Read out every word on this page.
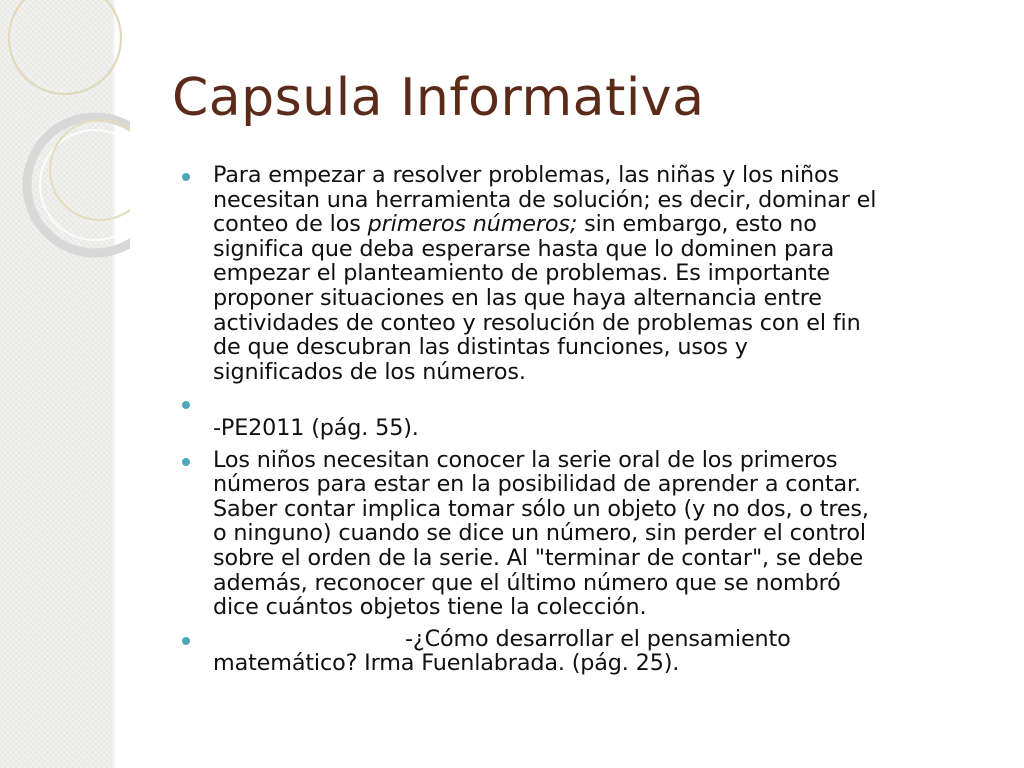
Capsula Informativa
Para empezar a resolver problemas, las niñas y los niños
necesitan una herramienta de solución; es decir, dominar el
conteo de los primeros números; sin embargo, esto no
significa que deba esperarse hasta que lo dominen para
empezar el planteamiento de problemas. Es importante
proponer situaciones en las que haya alternancia entre
actividades de conteo y resolución de problemas con el fin
de que descubran las distintas funciones, usos y
significados de los números.
-PE2011 (pág. 55).
Los niños necesitan conocer la serie oral de los primeros
números para estar en la posibilidad de aprender a contar.
Saber contar implica tomar sólo un objeto (y no dos, o tres,
o ninguno) cuando se dice un número, sin perder el control
sobre el orden de la serie. Al "terminar de contar", se debe
además, reconocer que el último número que se nombró
dice cuántos objetos tiene la colección.
-¿Cómo desarrollar el pensamiento
matemático? Irma Fuenlabrada. (pág. 25).
